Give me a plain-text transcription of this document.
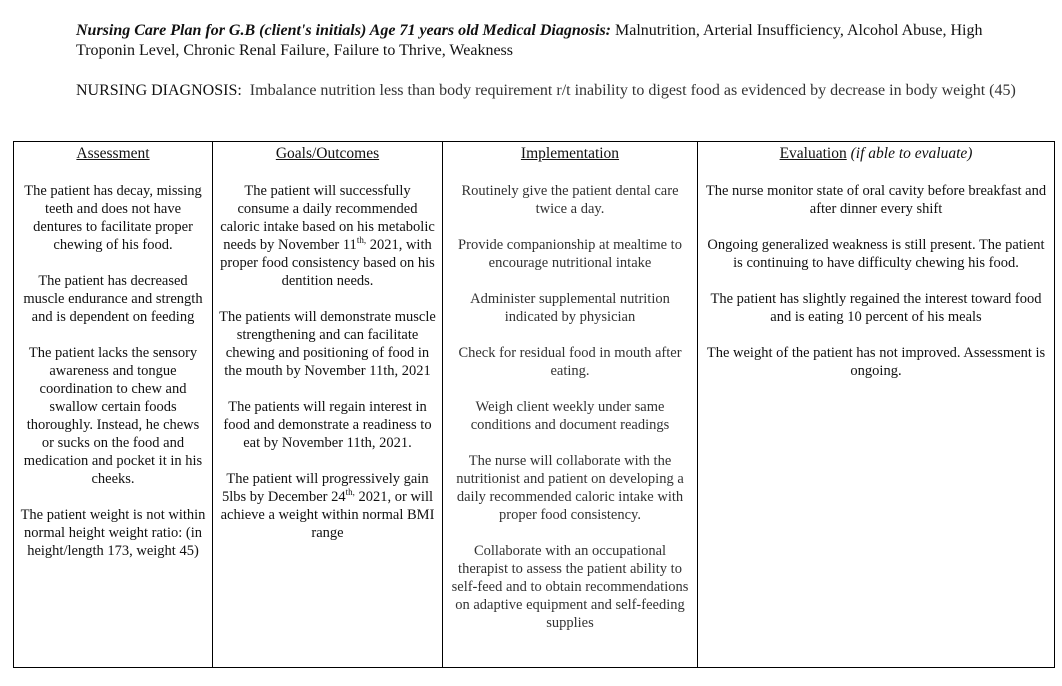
Nursing Care Plan for G.B (client's initials) Age 71 years old Medical Diagnosis: Malnutrition, Arterial Insufficiency, Alcohol Abuse, High Troponin Level, Chronic Renal Failure, Failure to Thrive, Weakness
NURSING DIAGNOSIS: Imbalance nutrition less than body requirement r/t inability to digest food as evidenced by decrease in body weight (45)
Assessment

The patient has decay, missing teeth and does not have dentures to facilitate proper chewing of his food.

The patient has decreased muscle endurance and strength and is dependent on feeding

The patient lacks the sensory awareness and tongue coordination to chew and swallow certain foods thoroughly. Instead, he chews or sucks on the food and medication and pocket it in his cheeks.

The patient weight is not within normal height weight ratio: (in height/length 173, weight 45)

Goals/Outcomes

The patient will successfully consume a daily recommended caloric intake based on his metabolic needs by November $11^{th,}$ 2021, with proper food consistency based on his dentition needs.

The patients will demonstrate muscle strengthening and can facilitate chewing and positioning of food in the mouth by November 11th, 2021

The patients will regain interest in food and demonstrate a readiness to eat by November 11th, 2021.

The patient will progressively gain 5lbs by December $24^{th,}$ 2021, or will achieve a weight within normal BMI range

Implementation

Routinely give the patient dental care twice a day.

Provide companionship at mealtime to encourage nutritional intake

Administer supplemental nutrition indicated by physician

Check for residual food in mouth after eating.

Weigh client weekly under same conditions and document readings

The nurse will collaborate with the nutritionist and patient on developing a daily recommended caloric intake with proper food consistency.

Collaborate with an occupational therapist to assess the patient ability to self-feed and to obtain recommendations on adaptive equipment and self-feeding supplies

Evaluation (if able to evaluate)

The nurse monitor state of oral cavity before breakfast and after dinner every shift

Ongoing generalized weakness is still present. The patient is continuing to have difficulty chewing his food.

The patient has slightly regained the interest toward food and is eating 10 percent of his meals

The weight of the patient has not improved. Assessment is ongoing.
